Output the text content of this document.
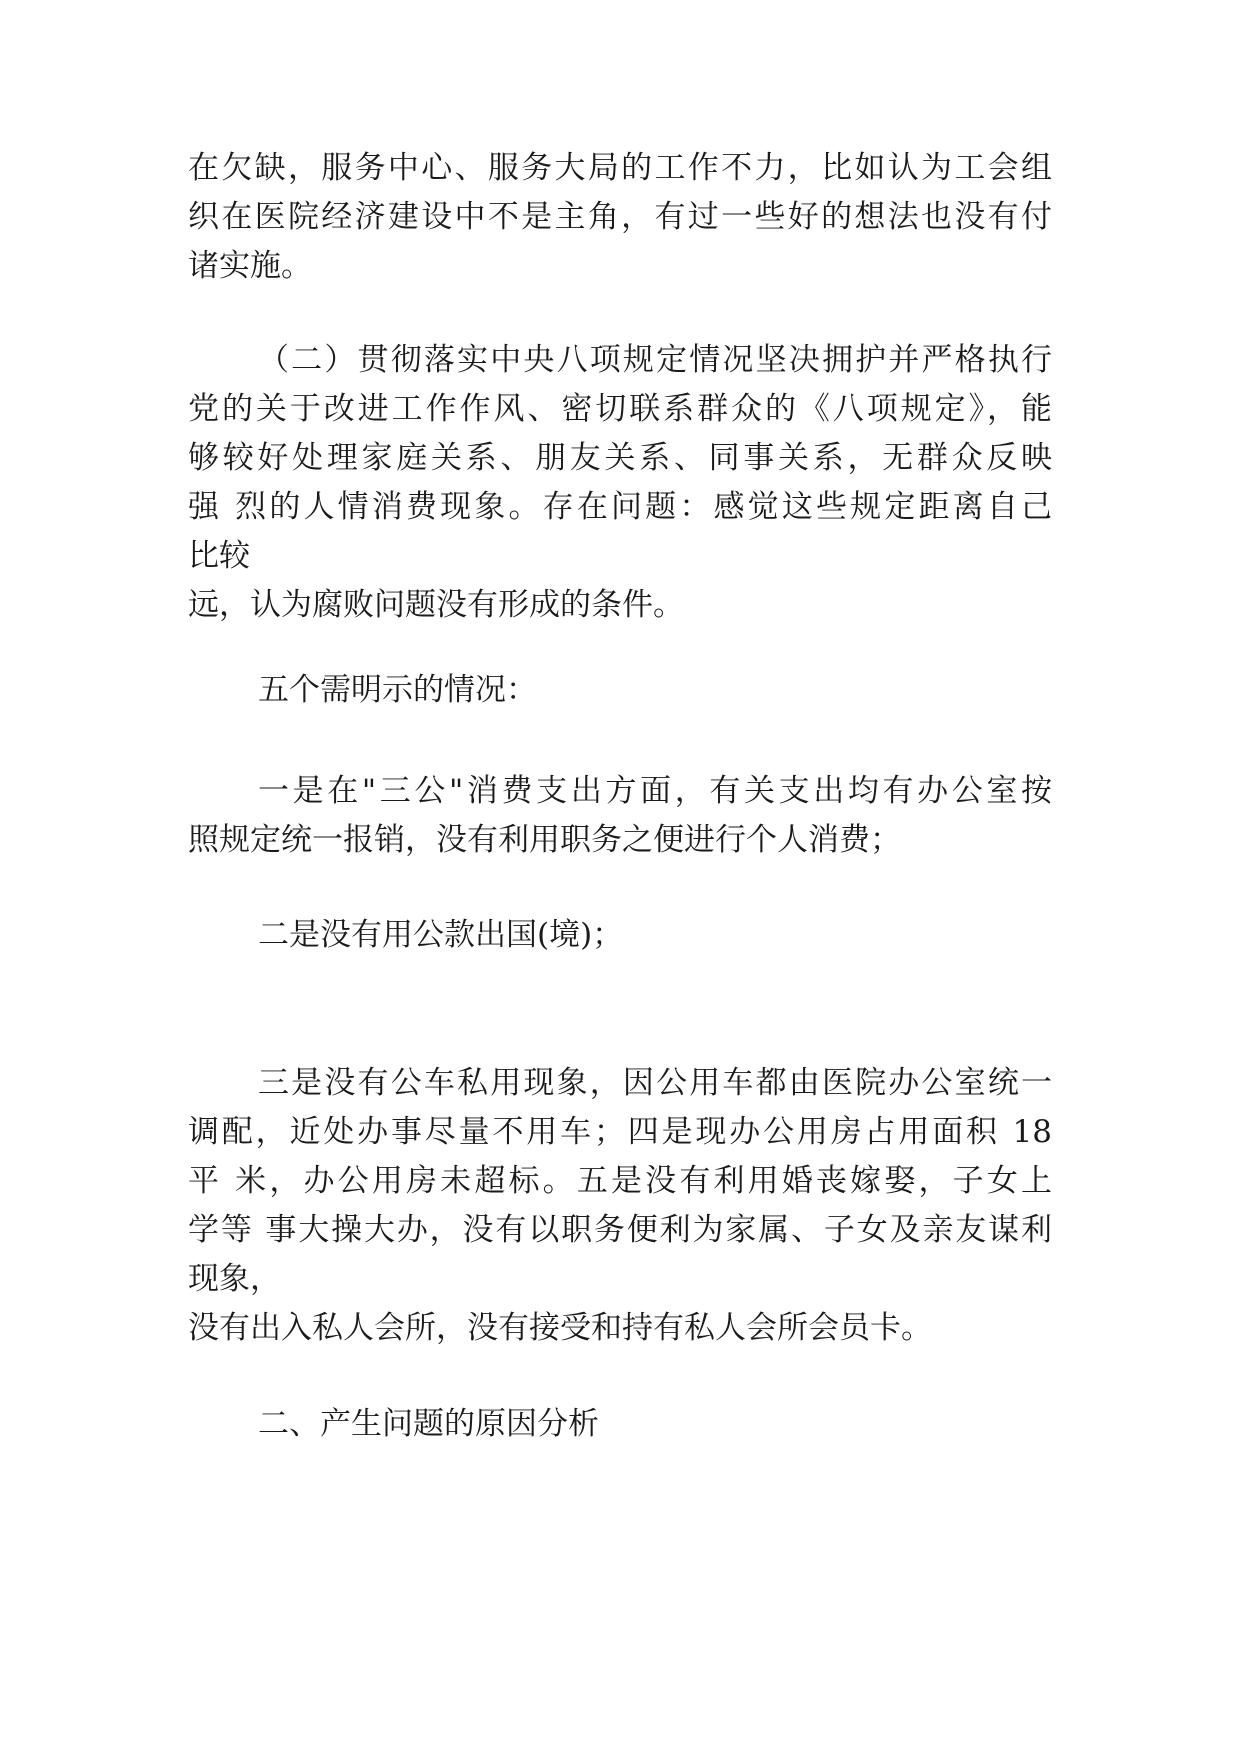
在欠缺，服务中心、服务大局的工作不力，比如认为工会组
织在医院经济建设中不是主角，有过一些好的想法也没有付
诸实施。
（二）贯彻落实中央八项规定情况坚决拥护并严格执行
党的关于改进工作作风、密切联系群众的《八项规定》，能
够较好处理家庭关系、朋友关系、同事关系，无群众反映
强 烈的人情消费现象。存在问题：感觉这些规定距离自己
比较
远，认为腐败问题没有形成的条件。
五个需明示的情况：
一是在"三公"消费支出方面，有关支出均有办公室按
照规定统一报销，没有利用职务之便进行个人消费；
二是没有用公款出国(境)；
三是没有公车私用现象，因公用车都由医院办公室统一
调配，近处办事尽量不用车；四是现办公用房占用面积 18
平 米，办公用房未超标。五是没有利用婚丧嫁娶，子女上
学等 事大操大办，没有以职务便利为家属、子女及亲友谋利
现象，
没有出入私人会所，没有接受和持有私人会所会员卡。
二、产生问题的原因分析
